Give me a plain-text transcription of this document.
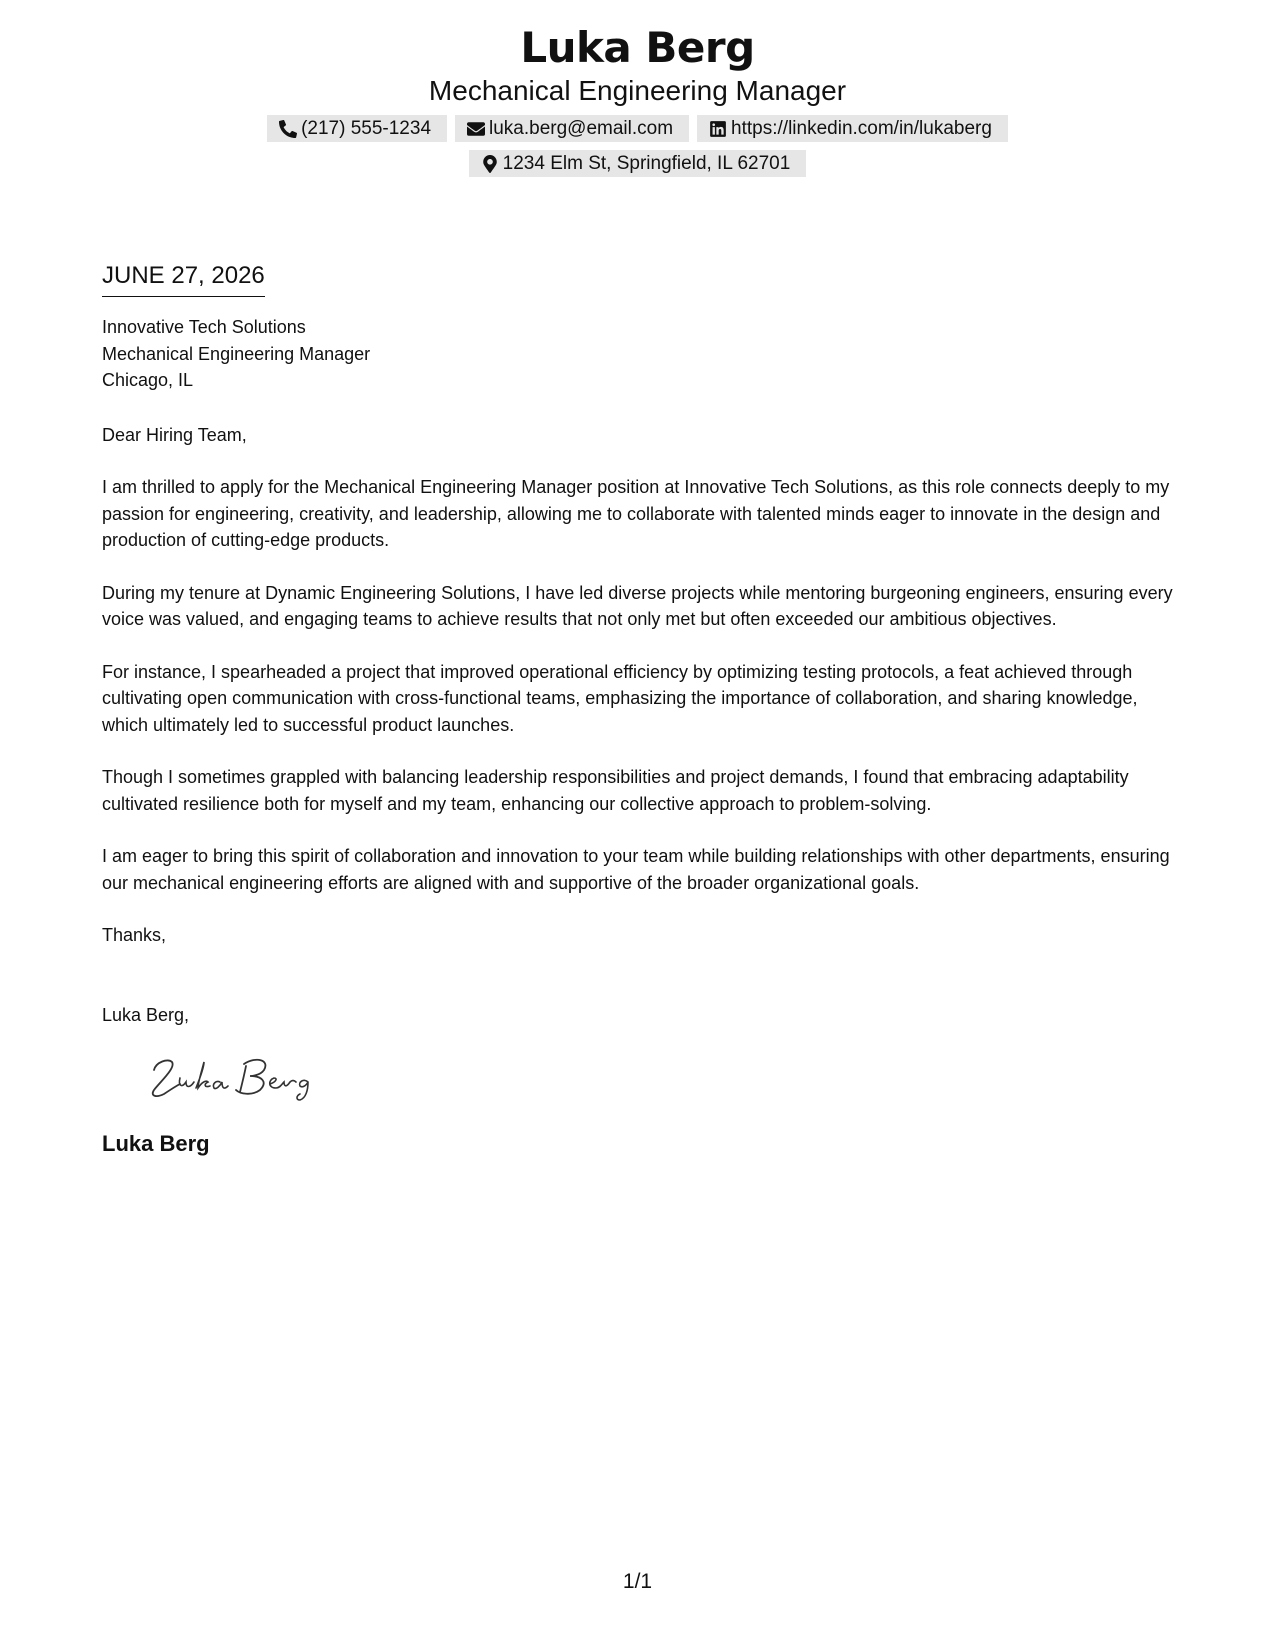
Luka Berg
Mechanical Engineering Manager
(217) 555-1234	luka.berg@email.com	https://linkedin.com/in/lukaberg
1234 Elm St, Springfield, IL 62701
JUNE 27, 2026
Innovative Tech Solutions
Mechanical Engineering Manager
Chicago, IL
Dear Hiring Team,

I am thrilled to apply for the Mechanical Engineering Manager position at Innovative Tech Solutions, as this role connects deeply to my passion for engineering, creativity, and leadership, allowing me to collaborate with talented minds eager to innovate in the design and production of cutting-edge products.

During my tenure at Dynamic Engineering Solutions, I have led diverse projects while mentoring burgeoning engineers, ensuring every voice was valued, and engaging teams to achieve results that not only met but often exceeded our ambitious objectives.

For instance, I spearheaded a project that improved operational efficiency by optimizing testing protocols, a feat achieved through cultivating open communication with cross-functional teams, emphasizing the importance of collaboration, and sharing knowledge, which ultimately led to successful product launches.

Though I sometimes grappled with balancing leadership responsibilities and project demands, I found that embracing adaptability cultivated resilience both for myself and my team, enhancing our collective approach to problem-solving.

I am eager to bring this spirit of collaboration and innovation to your team while building relationships with other departments, ensuring our mechanical engineering efforts are aligned with and supportive of the broader organizational goals.

Thanks,
Luka Berg,
Luka Berg
1/1
